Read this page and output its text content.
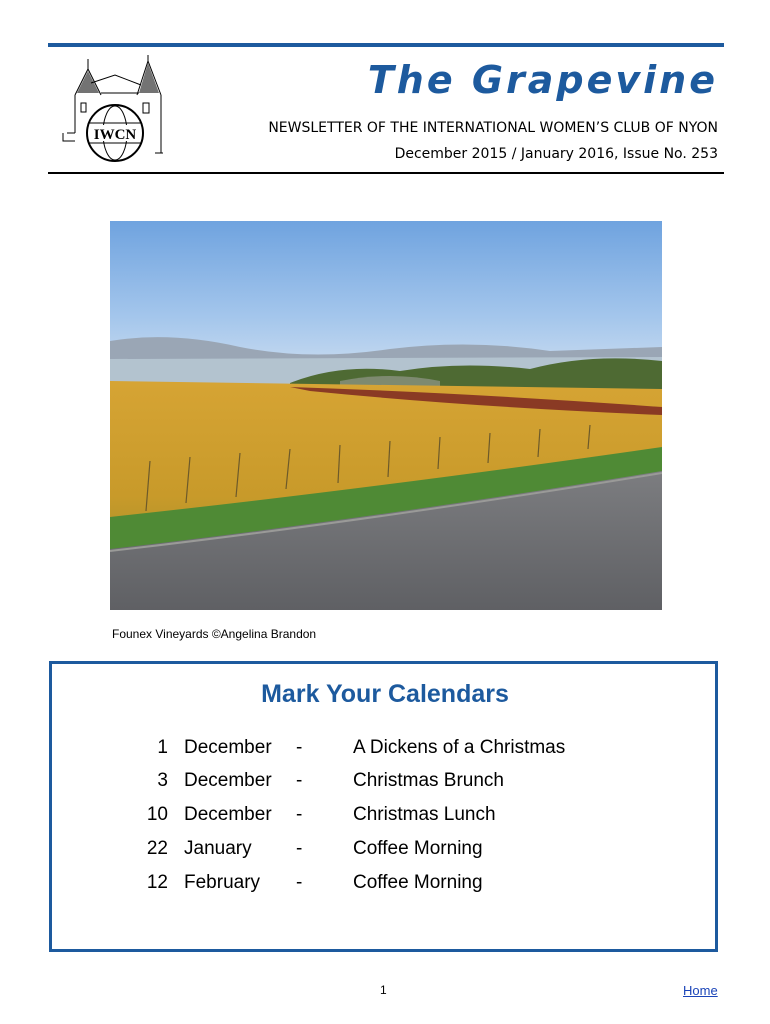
IWCN
The Grapevine
NEWSLETTER OF THE INTERNATIONAL WOMEN’S CLUB OF NYON
December 2015 / January 2016, Issue No. 253
Founex Vineyards ©Angelina Brandon
Mark Your Calendars
1 December -	A Dickens of a Christmas
3 December -	Christmas Brunch
10 December -	Christmas Lunch
22 January -	Coffee Morning
12 February -	Coffee Morning
1	Home
